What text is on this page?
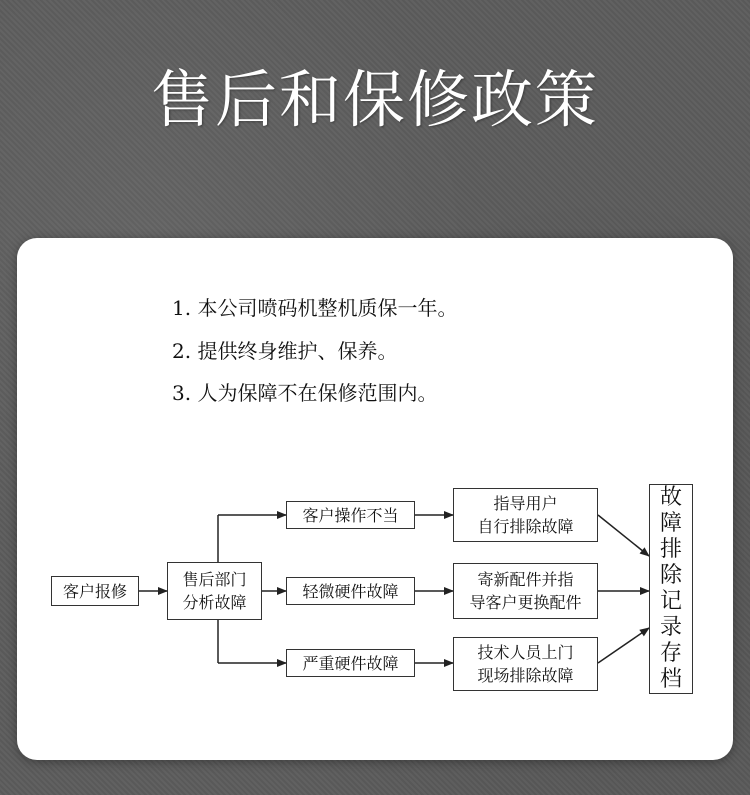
售后和保修政策
1. 本公司喷码机整机质保一年。
2. 提供终身维护、保养。
3. 人为保障不在保修范围内。
客户报修
售后部门
分析故障
客户操作不当
轻微硬件故障
严重硬件故障
指导用户
自行排除故障
寄新配件并指
导客户更换配件
技术人员上门
现场排除故障
故
障
排
除
记
录
存
档
